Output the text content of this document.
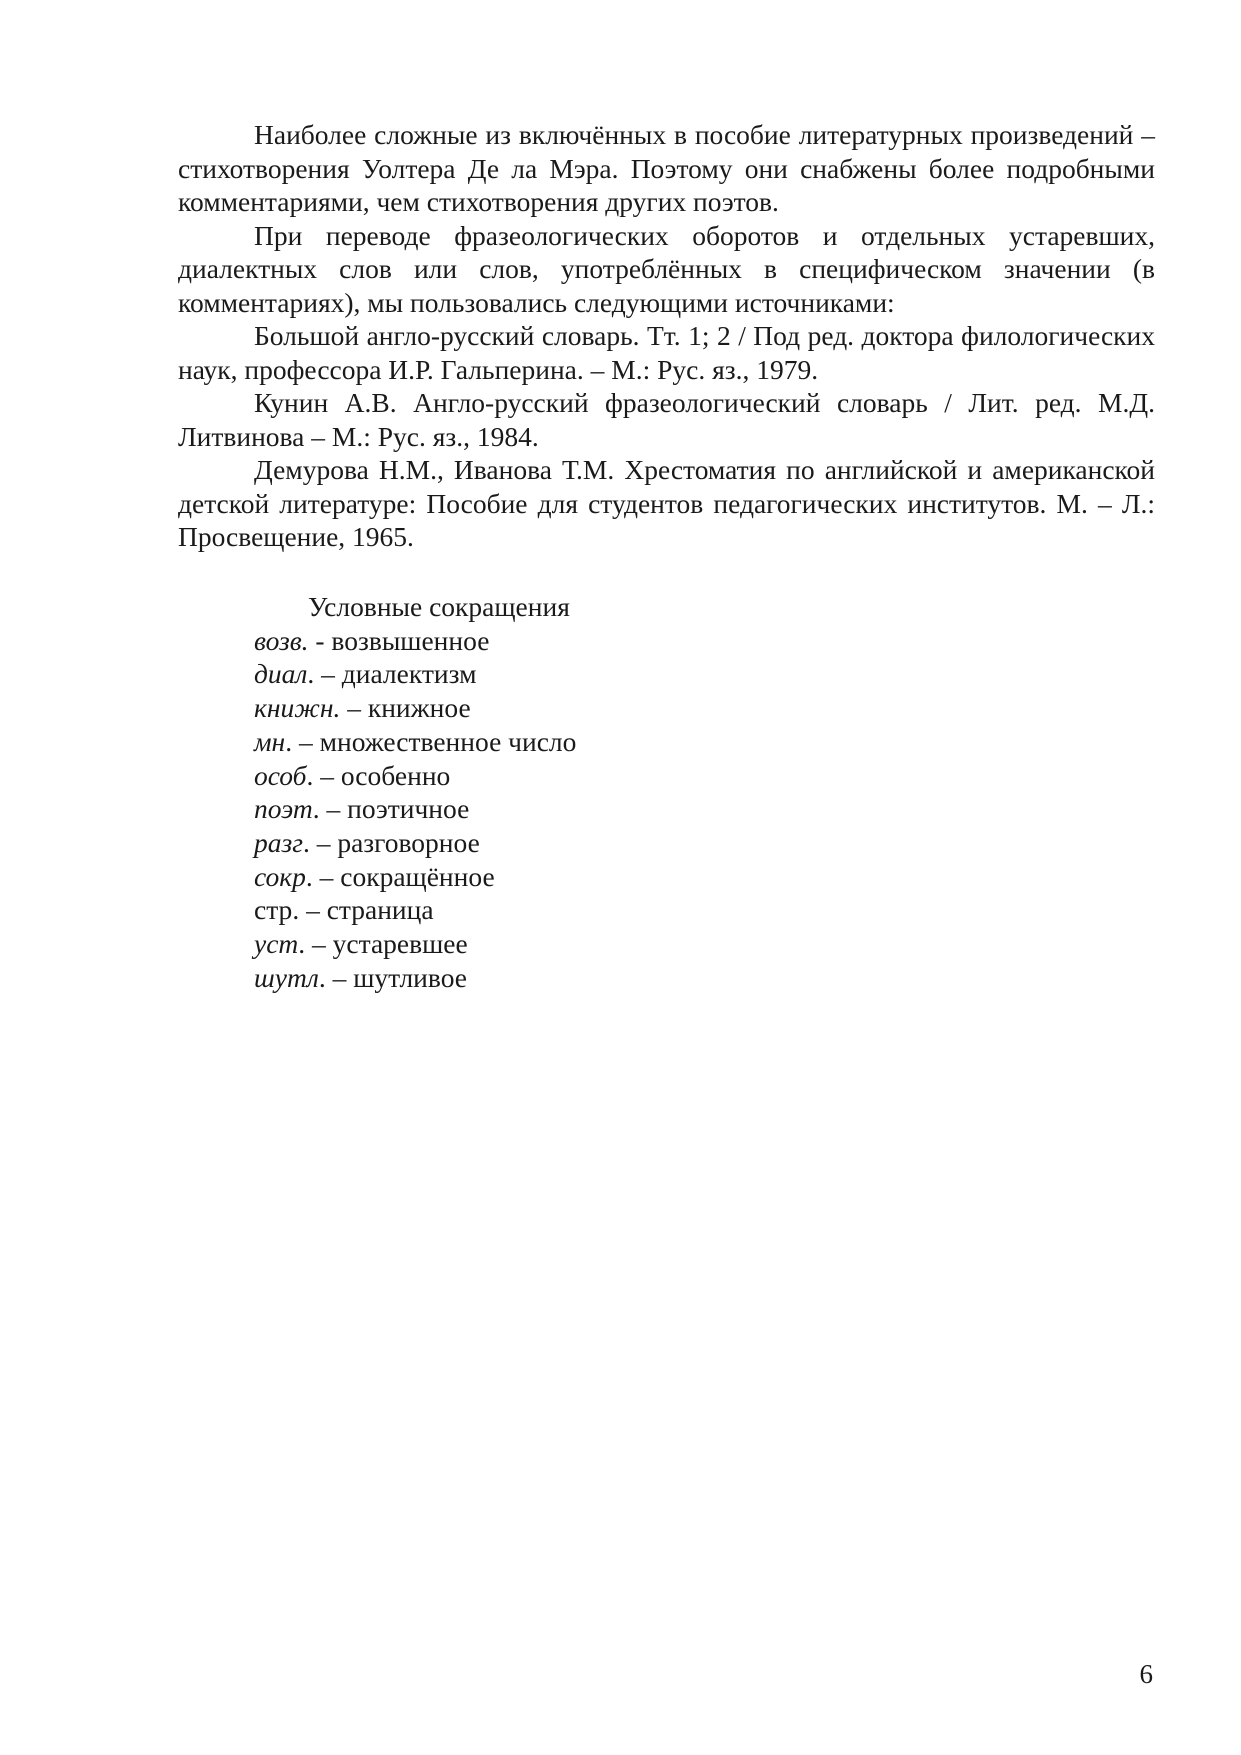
Наиболее сложные из включённых в пособие литературных произведений – стихотворения Уолтера Де ла Мэра. Поэтому они снабжены более подробными комментариями, чем стихотворения других поэтов.

При переводе фразеологических оборотов и отдельных устаревших, диалектных слов или слов, употреблённых в специфическом значении (в комментариях), мы пользовались следующими источниками:

Большой англо-русский словарь. Тт. 1; 2 / Под ред. доктора филологических наук, профессора И.Р. Гальперина. – М.: Рус. яз., 1979.

Кунин А.В. Англо-русский фразеологический словарь / Лит. ред. М.Д. Литвинова – М.: Рус. яз., 1984.

Демурова Н.М., Иванова Т.М. Хрестоматия по английской и американской детской литературе: Пособие для студентов педагогических институтов. М. – Л.: Просвещение, 1965.

Условные сокращения

возв. - возвышенное
диал. – диалектизм
книжн. – книжное
мн. – множественное число
особ. – особенно
поэт. – поэтичное
разг. – разговорное
сокр. – сокращённое
стр. – страница
уст. – устаревшее
шутл. – шутливое
6
